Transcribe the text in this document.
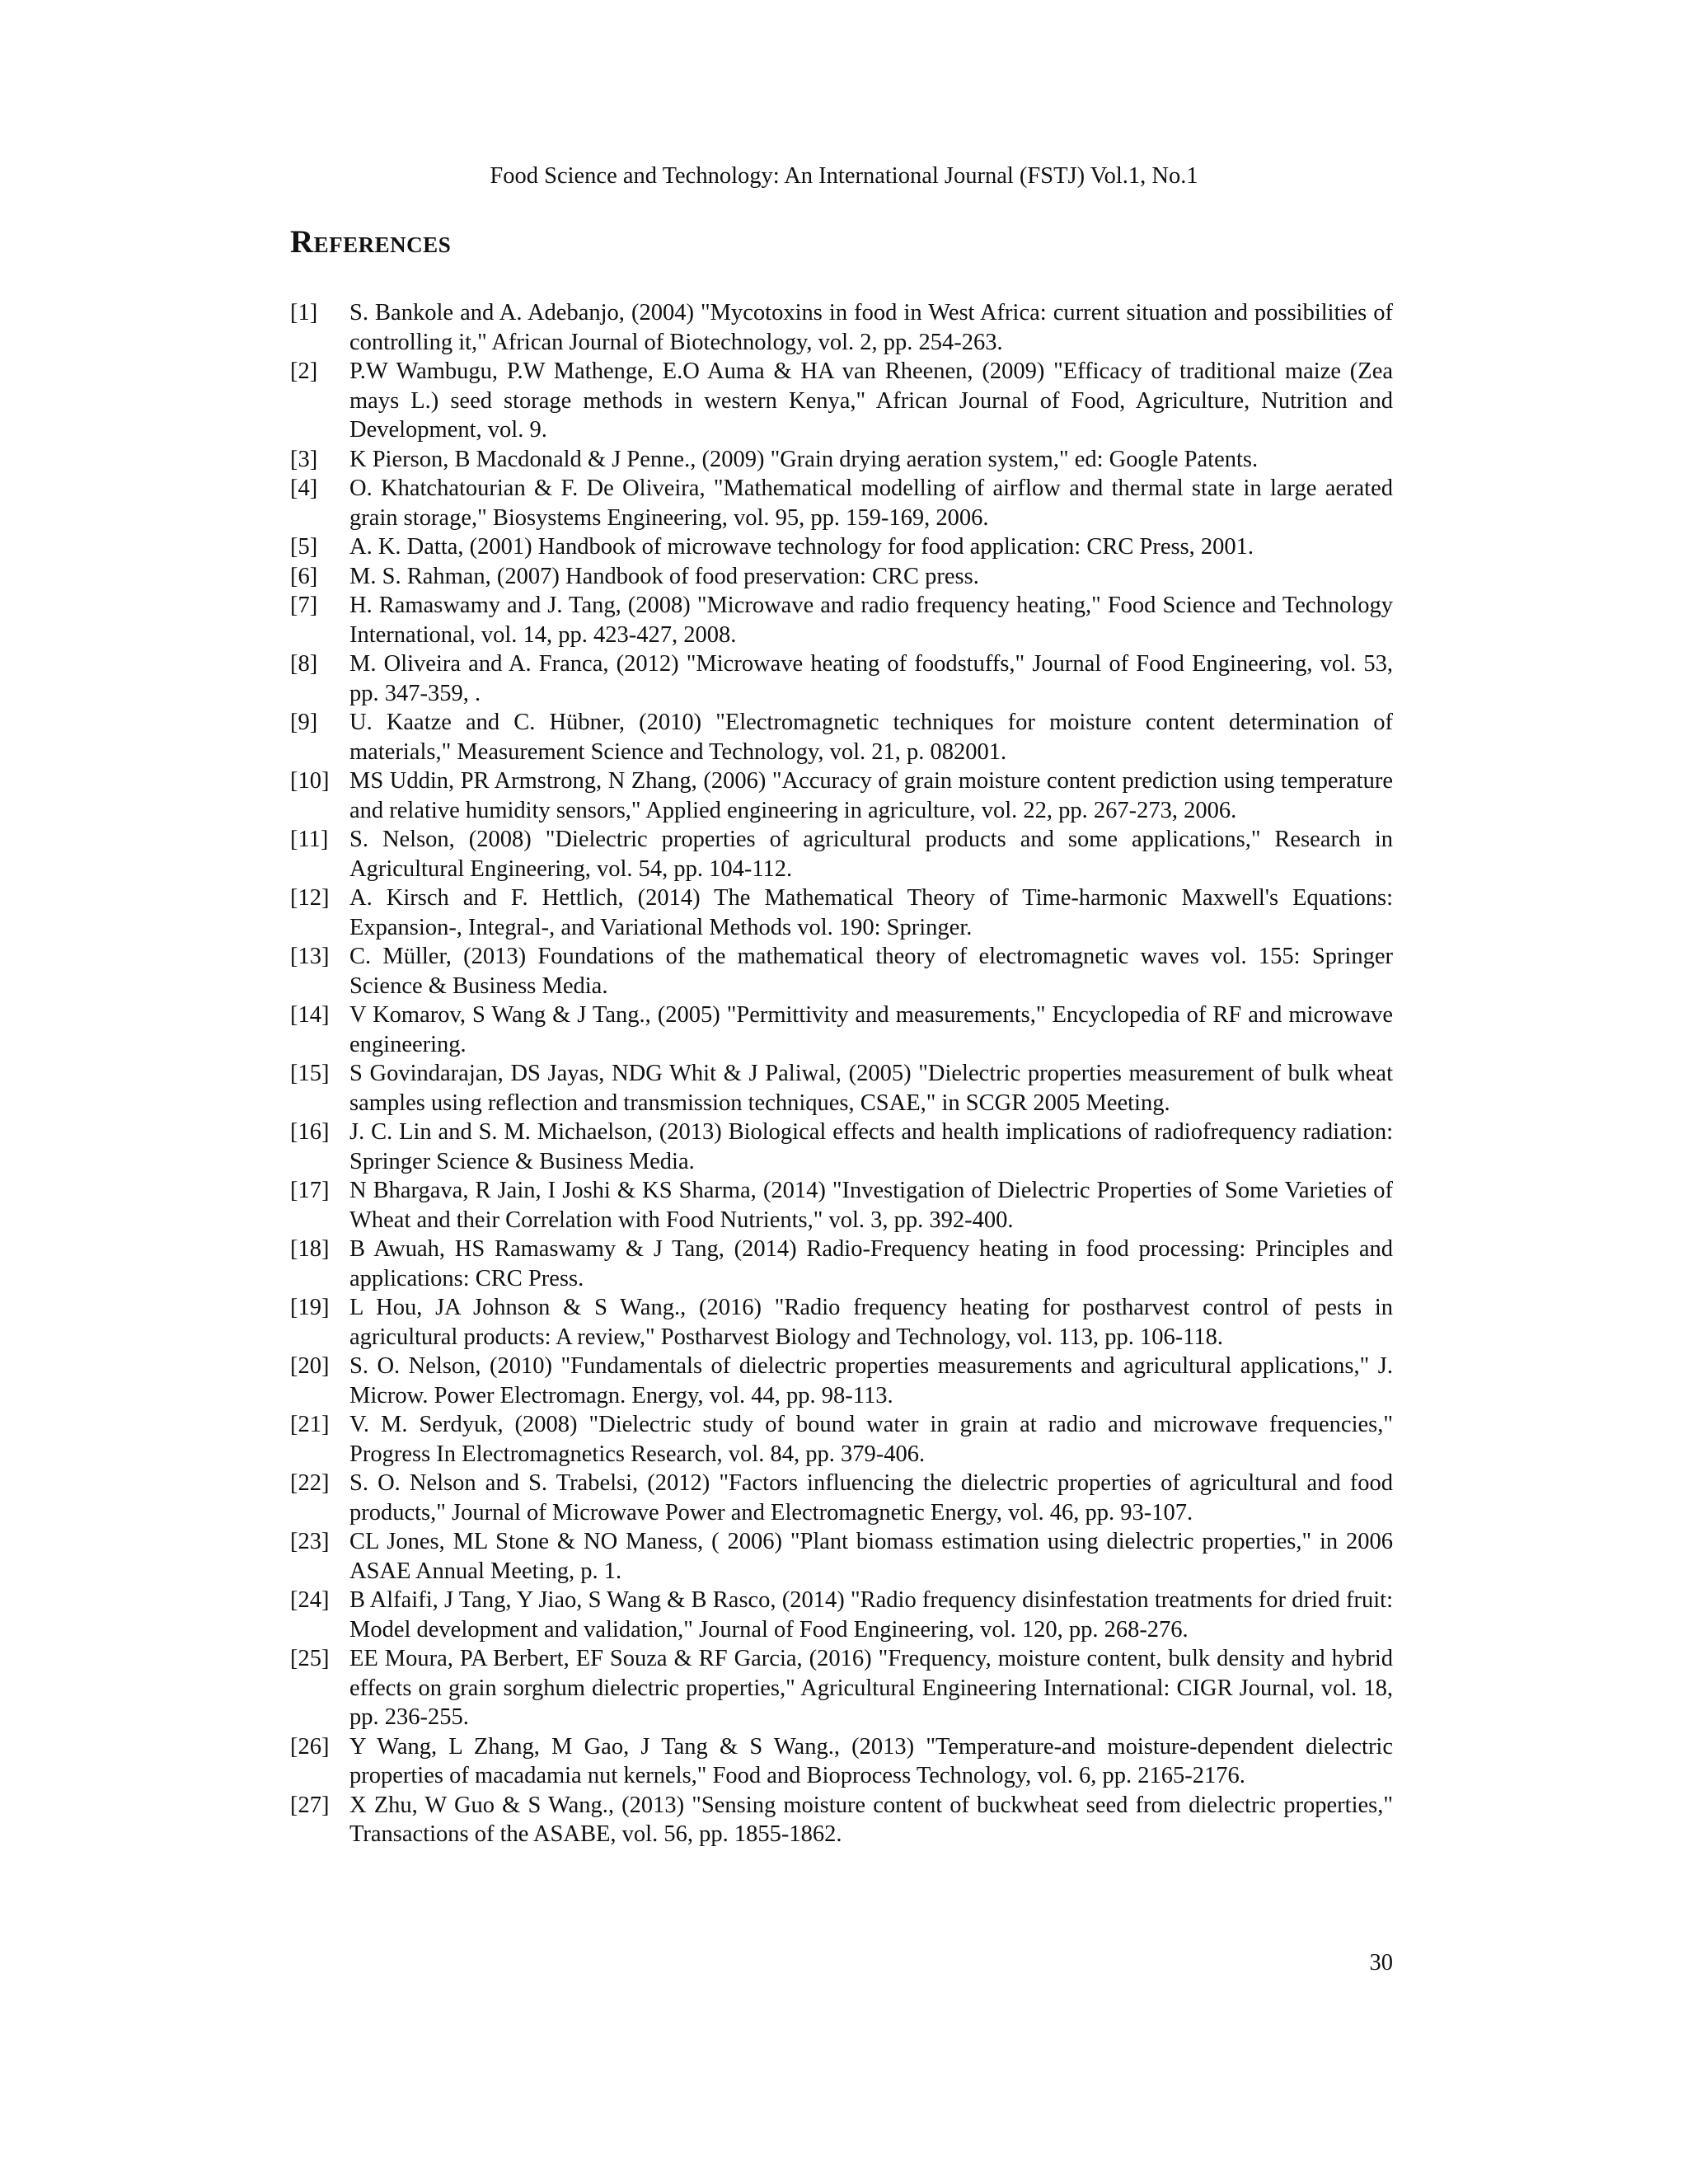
Food Science and Technology: An International Journal (FSTJ) Vol.1, No.1
References
[1] S. Bankole and A. Adebanjo, (2004) "Mycotoxins in food in West Africa: current situation and possibilities of controlling it," African Journal of Biotechnology, vol. 2, pp. 254-263.
[2] P.W Wambugu, P.W Mathenge, E.O Auma & HA van Rheenen, (2009) "Efficacy of traditional maize (Zea mays L.) seed storage methods in western Kenya," African Journal of Food, Agriculture, Nutrition and Development, vol. 9.
[3] K Pierson, B Macdonald & J Penne., (2009) "Grain drying aeration system," ed: Google Patents.
[4] O. Khatchatourian & F. De Oliveira, "Mathematical modelling of airflow and thermal state in large aerated grain storage," Biosystems Engineering, vol. 95, pp. 159-169, 2006.
[5] A. K. Datta, (2001) Handbook of microwave technology for food application: CRC Press, 2001.
[6] M. S. Rahman, (2007) Handbook of food preservation: CRC press.
[7] H. Ramaswamy and J. Tang, (2008) "Microwave and radio frequency heating," Food Science and Technology International, vol. 14, pp. 423-427, 2008.
[8] M. Oliveira and A. Franca, (2012) "Microwave heating of foodstuffs," Journal of Food Engineering, vol. 53, pp. 347-359, .
[9] U. Kaatze and C. Hübner, (2010) "Electromagnetic techniques for moisture content determination of materials," Measurement Science and Technology, vol. 21, p. 082001.
[10] MS Uddin, PR Armstrong, N Zhang, (2006) "Accuracy of grain moisture content prediction using temperature and relative humidity sensors," Applied engineering in agriculture, vol. 22, pp. 267-273, 2006.
[11] S. Nelson, (2008) "Dielectric properties of agricultural products and some applications," Research in Agricultural Engineering, vol. 54, pp. 104-112.
[12] A. Kirsch and F. Hettlich, (2014) The Mathematical Theory of Time-harmonic Maxwell's Equations: Expansion-, Integral-, and Variational Methods vol. 190: Springer.
[13] C. Müller, (2013) Foundations of the mathematical theory of electromagnetic waves vol. 155: Springer Science & Business Media.
[14] V Komarov, S Wang & J Tang., (2005) "Permittivity and measurements," Encyclopedia of RF and microwave engineering.
[15] S Govindarajan, DS Jayas, NDG Whit & J Paliwal, (2005) "Dielectric properties measurement of bulk wheat samples using reflection and transmission techniques, CSAE," in SCGR 2005 Meeting.
[16] J. C. Lin and S. M. Michaelson, (2013) Biological effects and health implications of radiofrequency radiation: Springer Science & Business Media.
[17] N Bhargava, R Jain, I Joshi & KS Sharma, (2014) "Investigation of Dielectric Properties of Some Varieties of Wheat and their Correlation with Food Nutrients," vol. 3, pp. 392-400.
[18] B Awuah, HS Ramaswamy & J Tang, (2014) Radio-Frequency heating in food processing: Principles and applications: CRC Press.
[19] L Hou, JA Johnson & S Wang., (2016) "Radio frequency heating for postharvest control of pests in agricultural products: A review," Postharvest Biology and Technology, vol. 113, pp. 106-118.
[20] S. O. Nelson, (2010) "Fundamentals of dielectric properties measurements and agricultural applications," J. Microw. Power Electromagn. Energy, vol. 44, pp. 98-113.
[21] V. M. Serdyuk, (2008) "Dielectric study of bound water in grain at radio and microwave frequencies," Progress In Electromagnetics Research, vol. 84, pp. 379-406.
[22] S. O. Nelson and S. Trabelsi, (2012) "Factors influencing the dielectric properties of agricultural and food products," Journal of Microwave Power and Electromagnetic Energy, vol. 46, pp. 93-107.
[23] CL Jones, ML Stone & NO Maness, ( 2006) "Plant biomass estimation using dielectric properties," in 2006 ASAE Annual Meeting, p. 1.
[24] B Alfaifi, J Tang, Y Jiao, S Wang & B Rasco, (2014) "Radio frequency disinfestation treatments for dried fruit: Model development and validation," Journal of Food Engineering, vol. 120, pp. 268-276.
[25] EE Moura, PA Berbert, EF Souza & RF Garcia, (2016) "Frequency, moisture content, bulk density and hybrid effects on grain sorghum dielectric properties," Agricultural Engineering International: CIGR Journal, vol. 18, pp. 236-255.
[26] Y Wang, L Zhang, M Gao, J Tang & S Wang., (2013) "Temperature-and moisture-dependent dielectric properties of macadamia nut kernels," Food and Bioprocess Technology, vol. 6, pp. 2165-2176.
[27] X Zhu, W Guo & S Wang., (2013) "Sensing moisture content of buckwheat seed from dielectric properties," Transactions of the ASABE, vol. 56, pp. 1855-1862.
30
